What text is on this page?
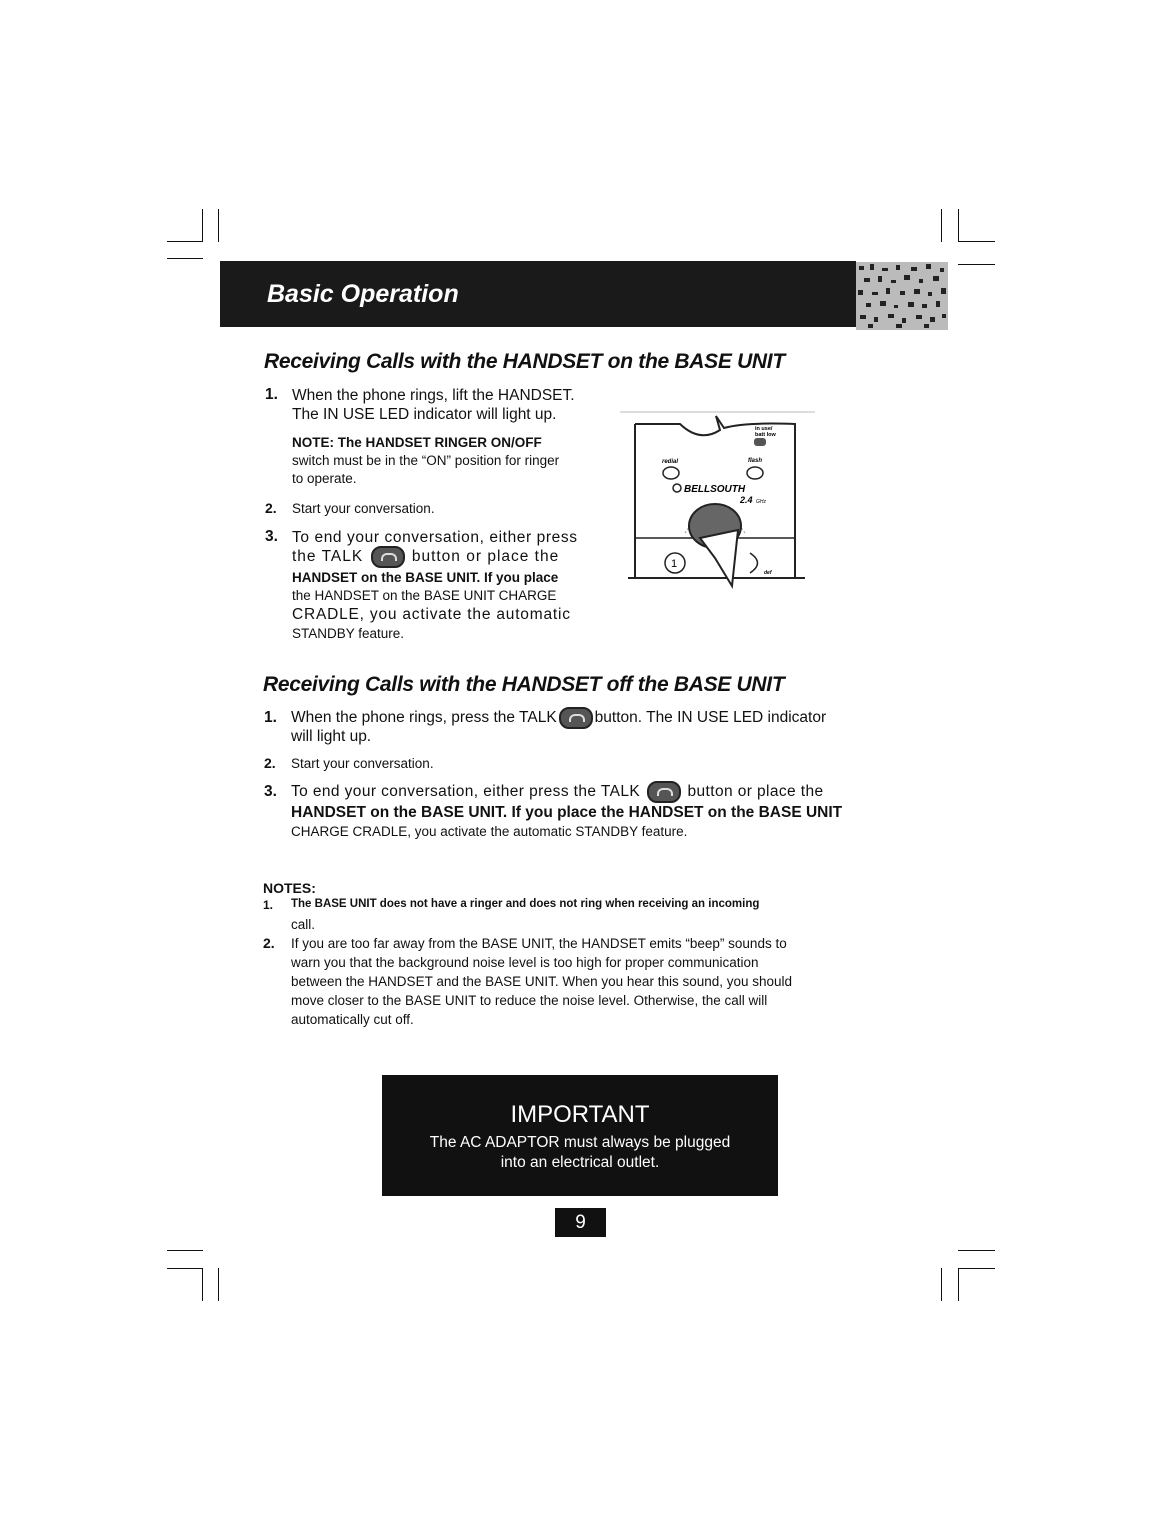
Basic Operation
Receiving Calls with the HANDSET on the BASE UNIT
1. When the phone rings, lift the HANDSET.
The IN USE LED indicator will light up.
NOTE: The HANDSET RINGER ON/OFF
switch must be in the “ON” position for ringer
to operate.
2. Start your conversation.
3. To end your conversation, either press
the TALK	button or place the
HANDSET on the BASE UNIT. If you place
the HANDSET on the BASE UNIT CHARGE
CRADLE, you activate the automatic
STANDBY feature.
1
redial	flash
in use/
batt low
BELLSOUTH
2.4 GHz
def
Receiving Calls with the HANDSET off the BASE UNIT
1. When the phone rings, press the TALK button. The IN USE LED indicator
will light up.
2. Start your conversation.
3. To end your conversation, either press the TALK	button or place the
HANDSET on the BASE UNIT. If you place the HANDSET on the BASE UNIT
CHARGE CRADLE, you activate the automatic STANDBY feature.
NOTES:
1. The BASE UNIT does not have a ringer and does not ring when receiving an incoming
call.
2. If you are too far away from the BASE UNIT, the HANDSET emits “beep” sounds to
warn you that the background noise level is too high for proper communication
between the HANDSET and the BASE UNIT. When you hear this sound, you should
move closer to the BASE UNIT to reduce the noise level. Otherwise, the call will
automatically cut off.
IMPORTANT
The AC ADAPTOR must always be plugged
into an electrical outlet.
9
